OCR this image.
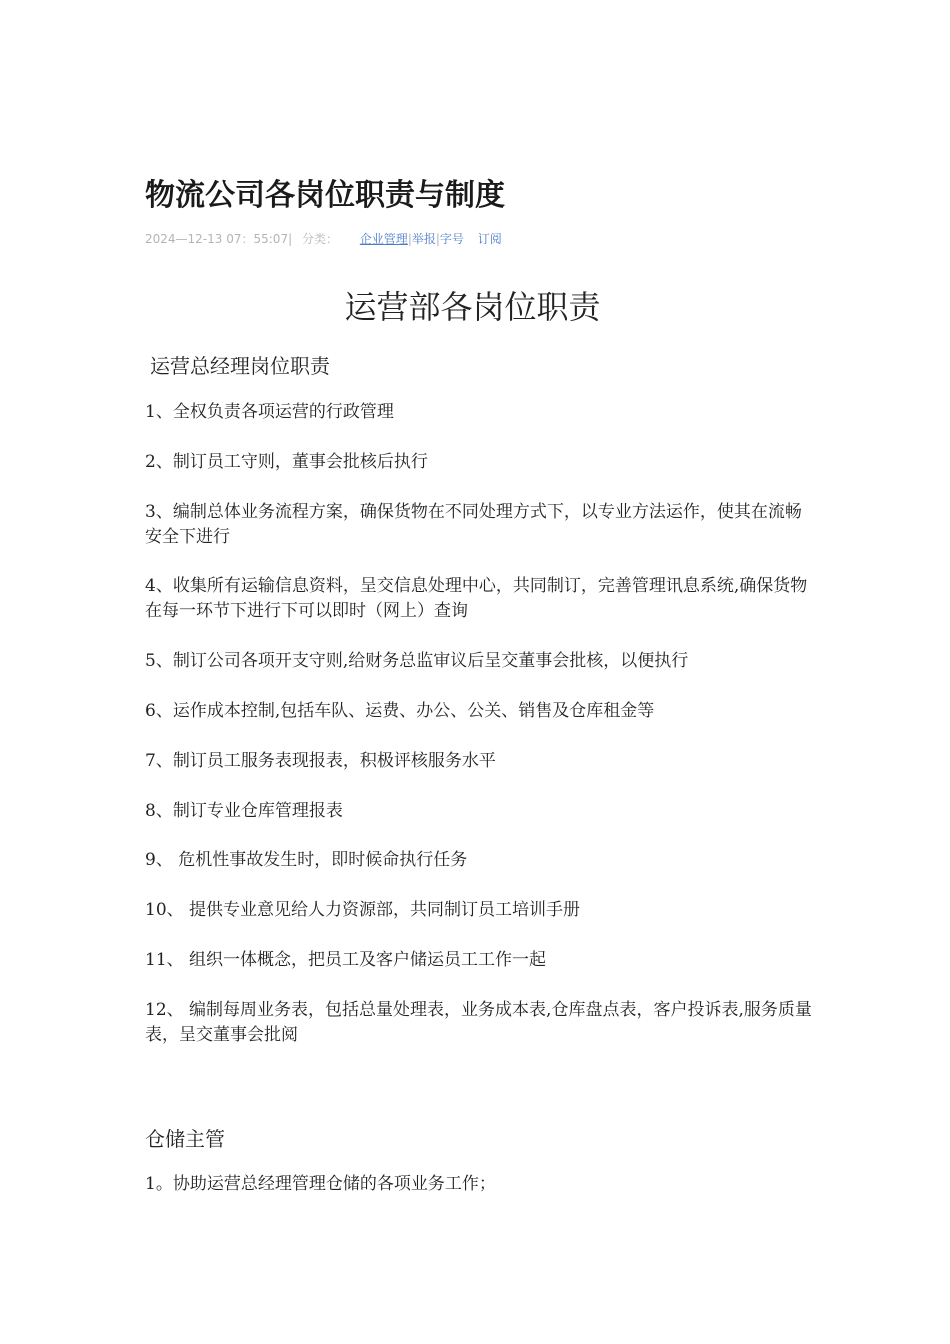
物流公司各岗位职责与制度
2024—12-13 07：55:07| 分类： 企业管理|举报|字号 订阅
运营部各岗位职责
运营总经理岗位职责
1、全权负责各项运营的行政管理
2、制订员工守则，董事会批核后执行
3、编制总体业务流程方案，确保货物在不同处理方式下，以专业方法运作，使其在流畅安全下进行
4、收集所有运输信息资料，呈交信息处理中心，共同制订，完善管理讯息系统,确保货物在每一环节下进行下可以即时（网上）查询
5、制订公司各项开支守则,给财务总监审议后呈交董事会批核，以便执行
6、运作成本控制,包括车队、运费、办公、公关、销售及仓库租金等
7、制订员工服务表现报表，积极评核服务水平
8、制订专业仓库管理报表
9、 危机性事故发生时，即时候命执行任务
10、 提供专业意见给人力资源部，共同制订员工培训手册
11、 组织一体概念，把员工及客户储运员工工作一起
12、 编制每周业务表，包括总量处理表，业务成本表,仓库盘点表，客户投诉表,服务质量表，呈交董事会批阅
仓储主管
1。协助运营总经理管理仓储的各项业务工作；
